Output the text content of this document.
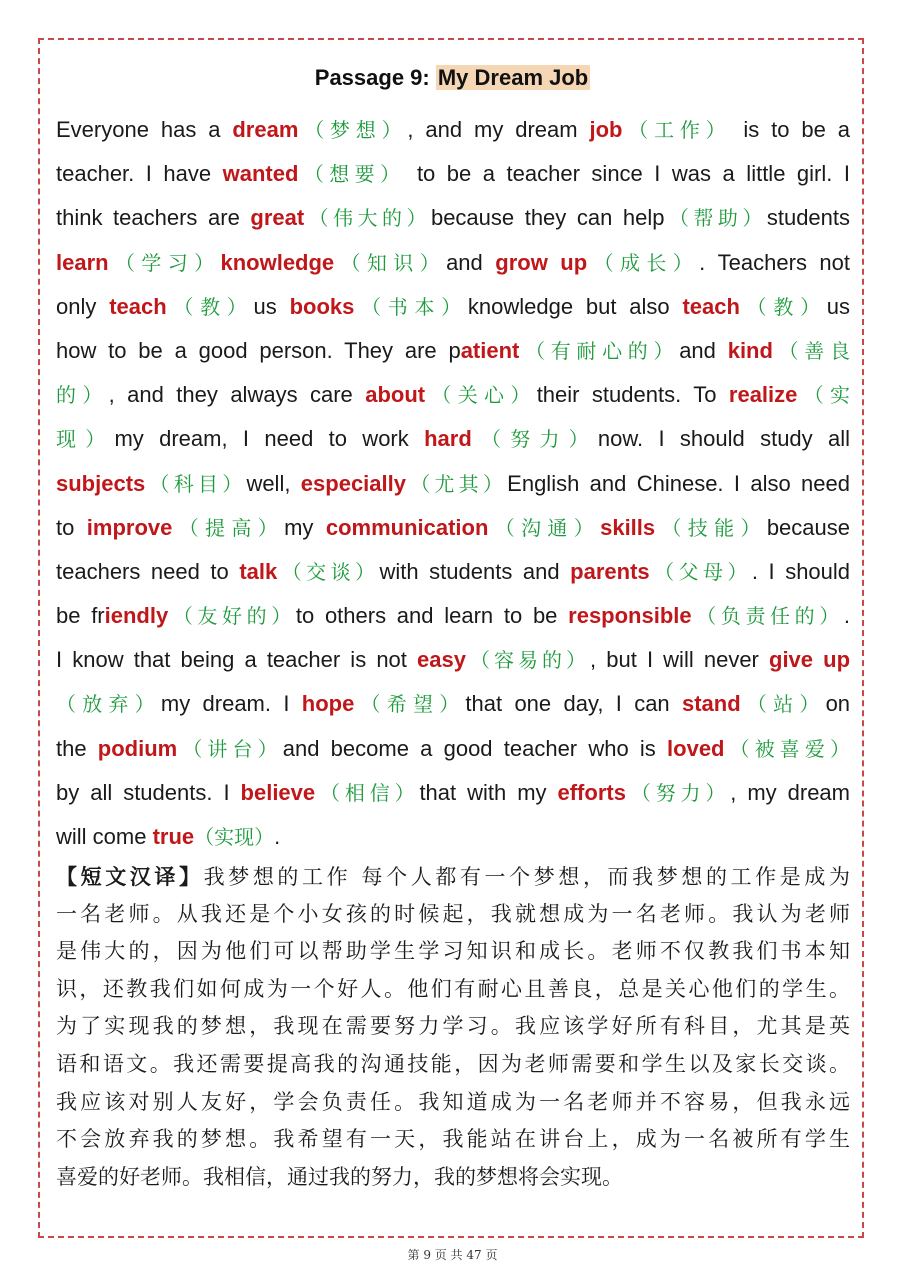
Passage 9: My Dream Job
Everyone has a dream（梦想）, and my dream job（工作） is to be a
teacher. I have wanted（想要） to be a teacher since I was a little girl. I
think teachers are great（伟大的）because they can help（帮助）students
learn（学习）knowledge（知识）and grow up（成长）. Teachers not
only teach（教）us books（书本）knowledge but also teach（教）us
how to be a good person. They are patient（有耐心的）and kind（善良
的）, and they always care about（关心）their students. To realize（实
现）my dream, I need to work hard（努力）now. I should study all
subjects（科目）well, especially（尤其）English and Chinese. I also need
to improve（提高）my communication（沟通）skills（技能）because
teachers need to talk（交谈）with students and parents（父母）. I should
be friendly（友好的）to others and learn to be responsible（负责任的）.
I know that being a teacher is not easy（容易的）, but I will never give up
（放弃）my dream. I hope（希望）that one day, I can stand（站）on
the podium（讲台）and become a good teacher who is loved（被喜爱）
by all students. I believe（相信）that with my efforts（努力）, my dream
will come true（实现）.
【短文汉译】我梦想的工作 每个人都有一个梦想，而我梦想的工作是成为
一名老师。从我还是个小女孩的时候起，我就想成为一名老师。我认为老师
是伟大的，因为他们可以帮助学生学习知识和成长。老师不仅教我们书本知
识，还教我们如何成为一个好人。他们有耐心且善良，总是关心他们的学生。
为了实现我的梦想，我现在需要努力学习。我应该学好所有科目，尤其是英
语和语文。我还需要提高我的沟通技能，因为老师需要和学生以及家长交谈。
我应该对别人友好，学会负责任。我知道成为一名老师并不容易，但我永远
不会放弃我的梦想。我希望有一天，我能站在讲台上，成为一名被所有学生
喜爱的好老师。我相信，通过我的努力，我的梦想将会实现。
第 9 页 共 47 页
